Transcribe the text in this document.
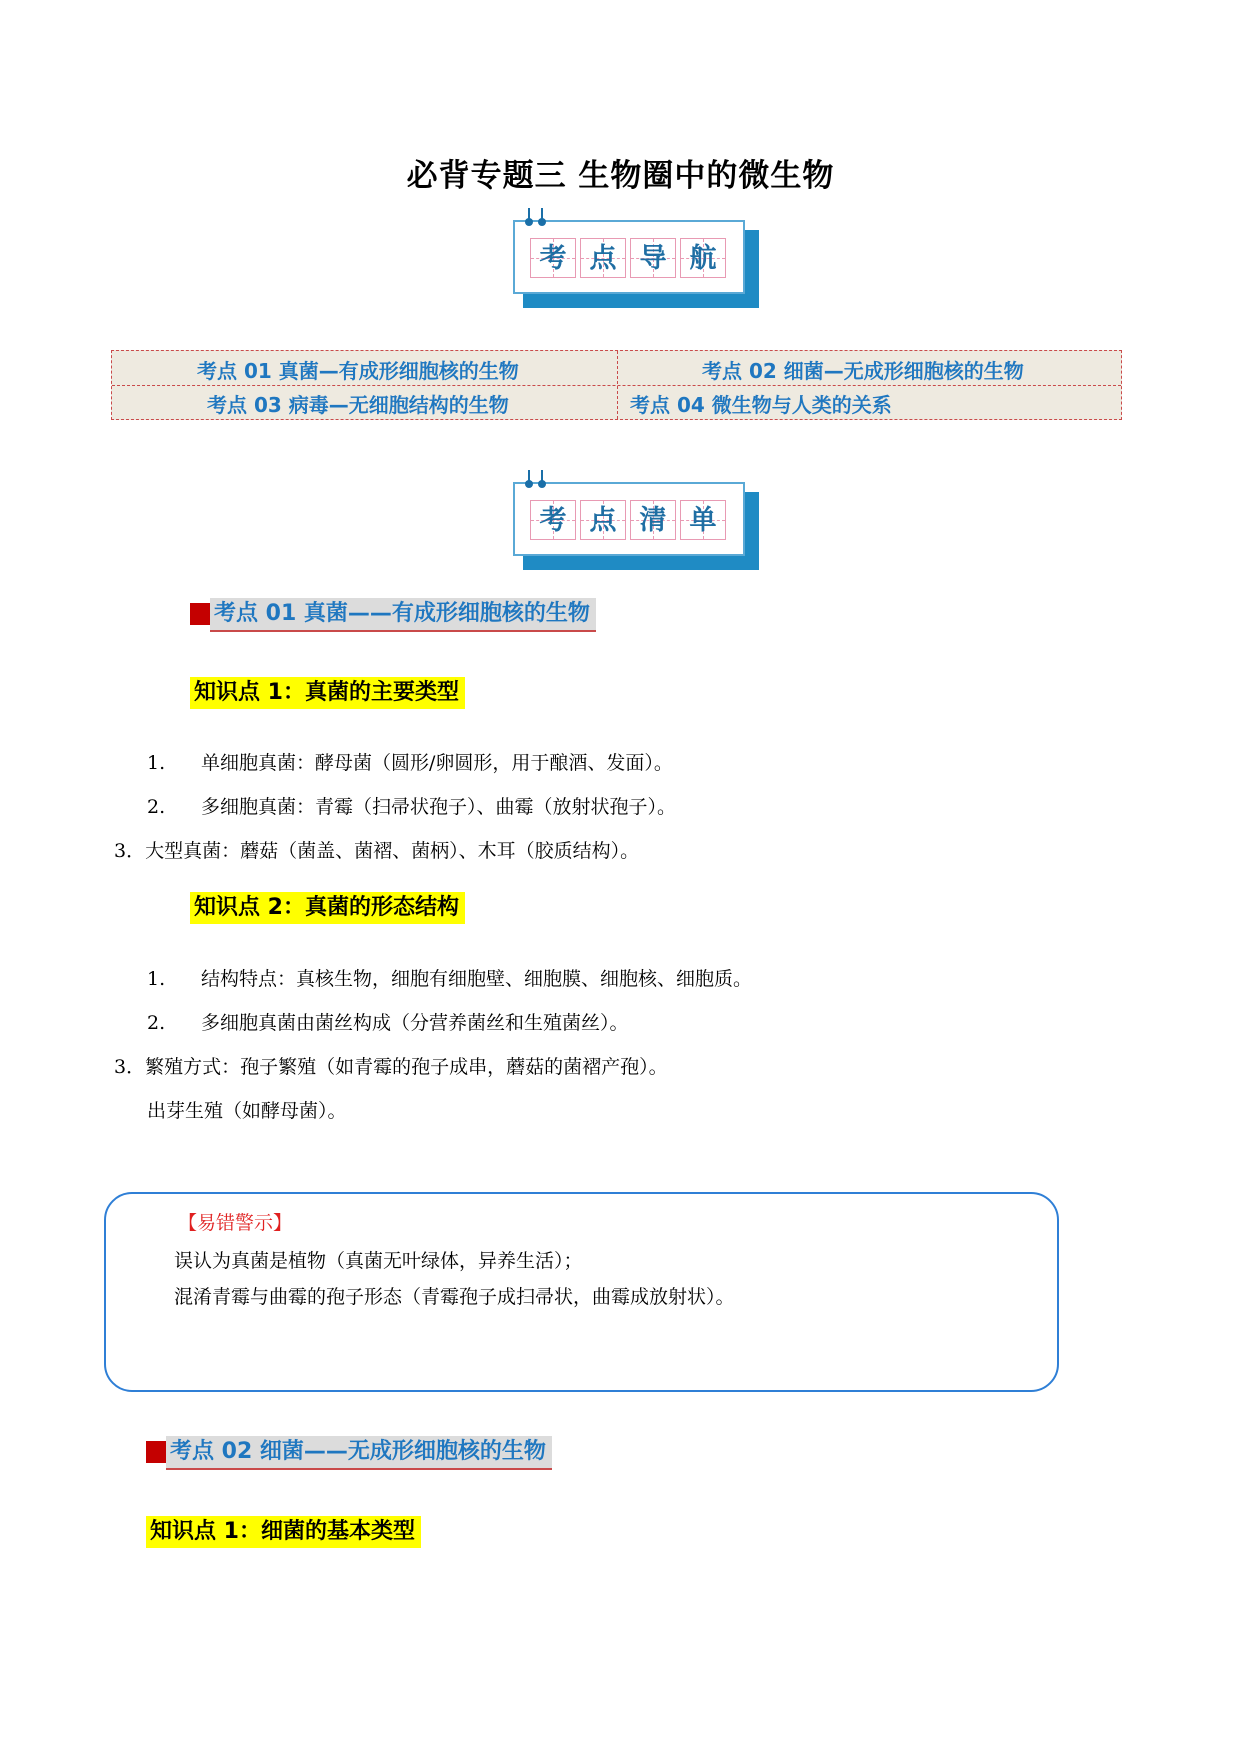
必背专题三 生物圈中的微生物
考 点 导 航
考点 01 真菌—有成形细胞核的生物	考点 02 细菌—无成形细胞核的生物
考点 03 病毒—无细胞结构的生物	考点 04 微生物与人类的关系
考 点 清 单
考点 01 真菌——有成形细胞核的生物
知识点 1：真菌的主要类型
1. 单细胞真菌：酵母菌（圆形/卵圆形，用于酿酒、发面）。
2. 多细胞真菌：青霉（扫帚状孢子）、曲霉（放射状孢子）。
3．大型真菌：蘑菇（菌盖、菌褶、菌柄）、木耳（胶质结构）。
知识点 2：真菌的形态结构
1. 结构特点：真核生物，细胞有细胞壁、细胞膜、细胞核、细胞质。
2. 多细胞真菌由菌丝构成（分营养菌丝和生殖菌丝）。
3．繁殖方式：孢子繁殖（如青霉的孢子成串，蘑菇的菌褶产孢）。
出芽生殖（如酵母菌）。
【易错警示】
误认为真菌是植物（真菌无叶绿体，异养生活）；
混淆青霉与曲霉的孢子形态（青霉孢子成扫帚状，曲霉成放射状）。
考点 02 细菌——无成形细胞核的生物
知识点 1：细菌的基本类型
